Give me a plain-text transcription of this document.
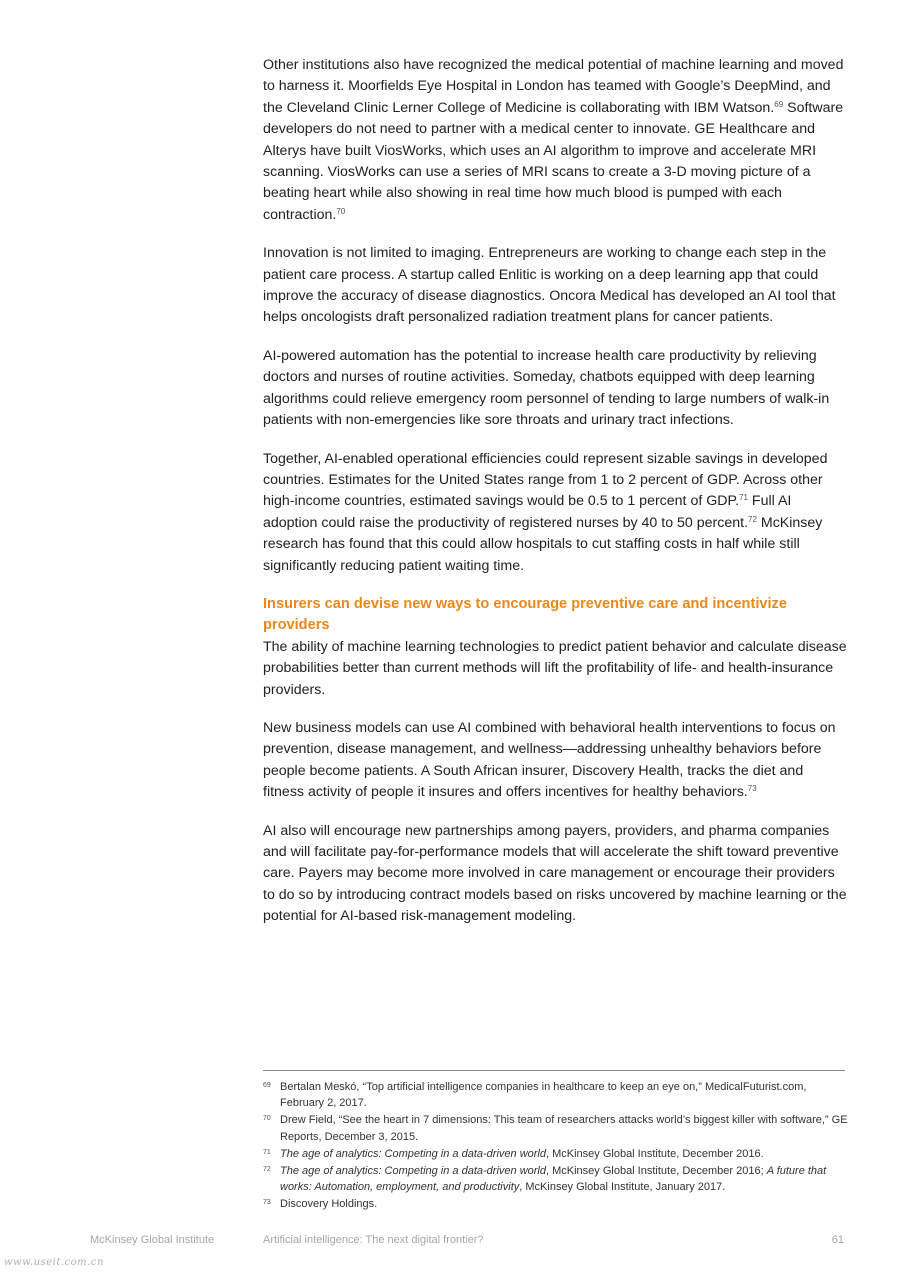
Other institutions also have recognized the medical potential of machine learning and moved to harness it. Moorfields Eye Hospital in London has teamed with Google’s DeepMind, and the Cleveland Clinic Lerner College of Medicine is collaborating with IBM Watson.$^{69}$ Software developers do not need to partner with a medical center to innovate. GE Healthcare and Alterys have built ViosWorks, which uses an AI algorithm to improve and accelerate MRI scanning. ViosWorks can use a series of MRI scans to create a 3-D moving picture of a beating heart while also showing in real time how much blood is pumped with each contraction.$^{70}$

Innovation is not limited to imaging. Entrepreneurs are working to change each step in the patient care process. A startup called Enlitic is working on a deep learning app that could improve the accuracy of disease diagnostics. Oncora Medical has developed an AI tool that helps oncologists draft personalized radiation treatment plans for cancer patients.

AI-powered automation has the potential to increase health care productivity by relieving doctors and nurses of routine activities. Someday, chatbots equipped with deep learning algorithms could relieve emergency room personnel of tending to large numbers of walk-in patients with non-emergencies like sore throats and urinary tract infections.

Together, AI-enabled operational efficiencies could represent sizable savings in developed countries. Estimates for the United States range from 1 to 2 percent of GDP. Across other high-income countries, estimated savings would be 0.5 to 1 percent of GDP.$^{71}$ Full AI adoption could raise the productivity of registered nurses by 40 to 50 percent.$^{72}$ McKinsey research has found that this could allow hospitals to cut staffing costs in half while still significantly reducing patient waiting time.

Insurers can devise new ways to encourage preventive care and incentivize providers

The ability of machine learning technologies to predict patient behavior and calculate disease probabilities better than current methods will lift the profitability of life- and health-insurance providers.

New business models can use AI combined with behavioral health interventions to focus on prevention, disease management, and wellness—addressing unhealthy behaviors before people become patients. A South African insurer, Discovery Health, tracks the diet and fitness activity of people it insures and offers incentives for healthy behaviors.$^{73}$

AI also will encourage new partnerships among payers, providers, and pharma companies and will facilitate pay-for-performance models that will accelerate the shift toward preventive care. Payers may become more involved in care management or encourage their providers to do so by introducing contract models based on risks uncovered by machine learning or the potential for AI-based risk-management modeling.

69 Bertalan Meskó, “Top artificial intelligence companies in healthcare to keep an eye on,” MedicalFuturist.com, February 2, 2017.
70 Drew Field, “See the heart in 7 dimensions: This team of researchers attacks world’s biggest killer with software,” GE Reports, December 3, 2015.
71 The age of analytics: Competing in a data-driven world, McKinsey Global Institute, December 2016.
72 The age of analytics: Competing in a data-driven world, McKinsey Global Institute, December 2016; A future that works: Automation, employment, and productivity, McKinsey Global Institute, January 2017.
73 Discovery Holdings.
McKinsey Global Institute	Artificial intelligence: The next digital frontier?	61
www.useit.com.cn
